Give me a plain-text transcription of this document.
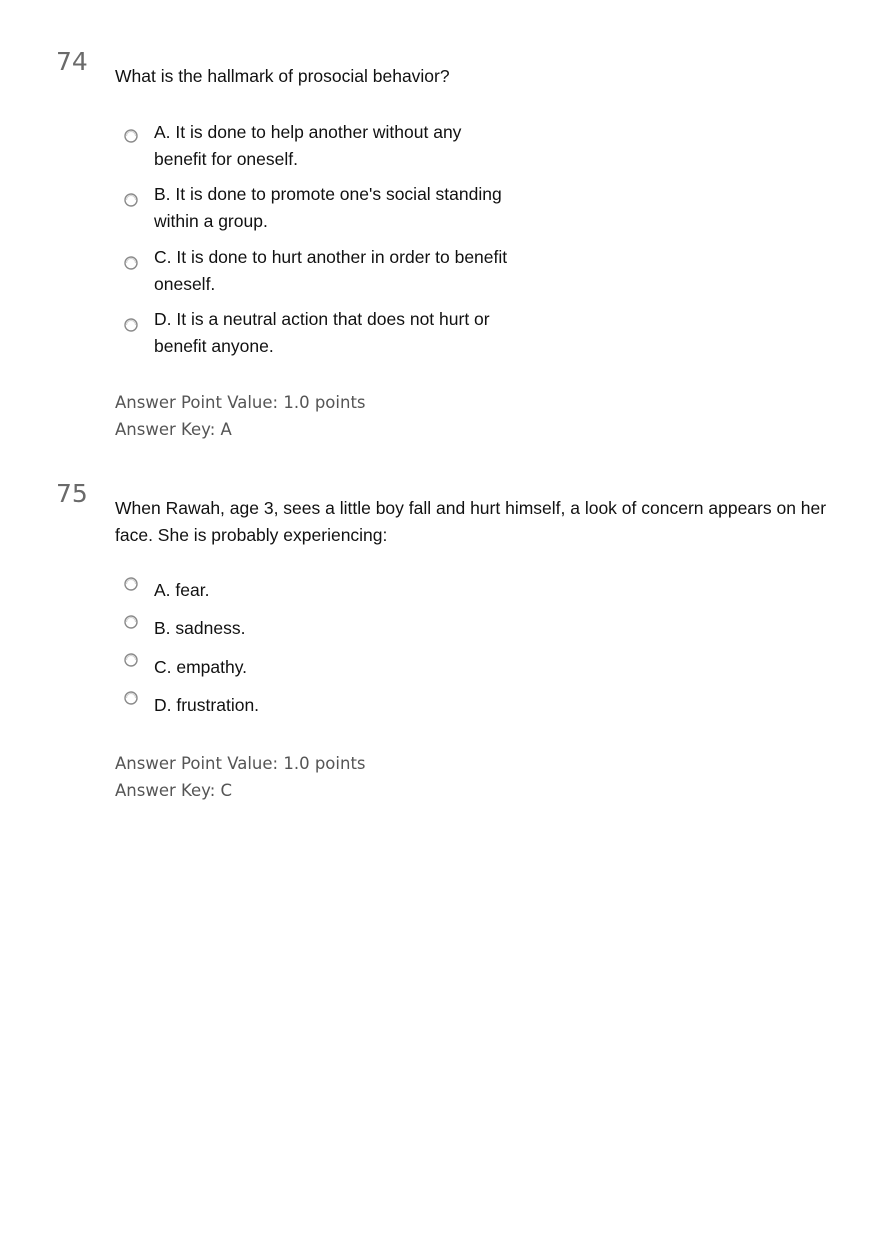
74 What is the hallmark of prosocial behavior?
A. It is done to help another without any
benefit for oneself.
B. It is done to promote one's social standing
within a group.
C. It is done to hurt another in order to benefit
oneself.
D. It is a neutral action that does not hurt or
benefit anyone.
Answer Point Value: 1.0 points
Answer Key: A
75 When Rawah, age 3, sees a little boy fall and hurt himself, a look of concern appears on her
face. She is probably experiencing:
A. fear.
B. sadness.
C. empathy.
D. frustration.
Answer Point Value: 1.0 points
Answer Key: C
